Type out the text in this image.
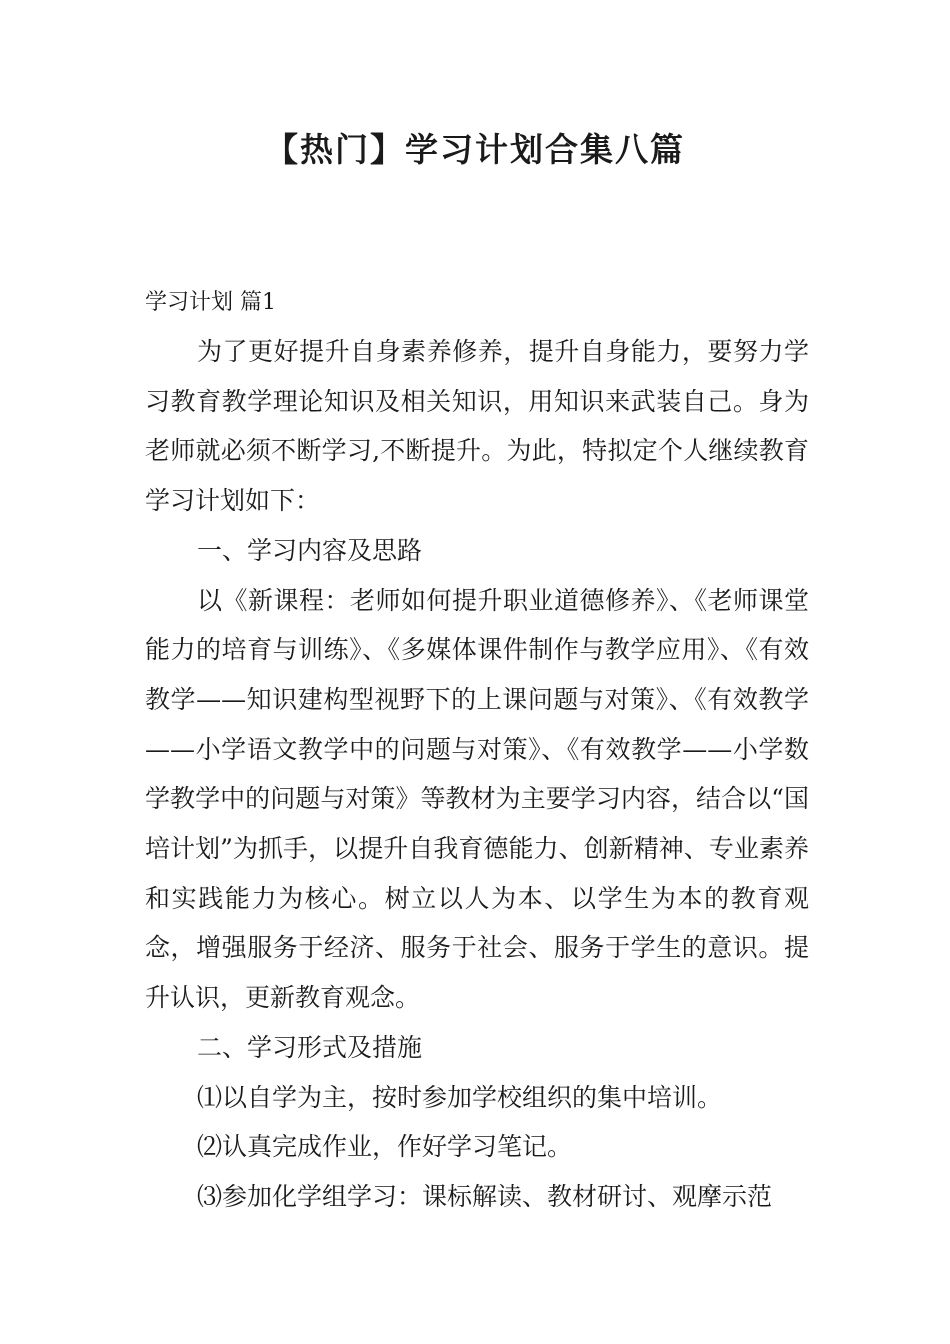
【热门】学习计划合集八篇

学习计划 篇1

为了更好提升自身素养修养，提升自身能力，要努力学习教育教学理论知识及相关知识，用知识来武装自己。身为老师就必须不断学习,不断提升。为此，特拟定个人继续教育学习计划如下：

一、学习内容及思路

以《新课程：老师如何提升职业道德修养》、《老师课堂能力的培育与训练》、《多媒体课件制作与教学应用》、《有效教学——知识建构型视野下的上课问题与对策》、《有效教学——小学语文教学中的问题与对策》、《有效教学——小学数学教学中的问题与对策》等教材为主要学习内容，结合以“国培计划”为抓手，以提升自我育德能力、创新精神、专业素养和实践能力为核心。树立以人为本、以学生为本的教育观念，增强服务于经济、服务于社会、服务于学生的意识。提升认识，更新教育观念。

二、学习形式及措施

⑴以自学为主，按时参加学校组织的集中培训。

⑵认真完成作业，作好学习笔记。

⑶参加化学组学习：课标解读、教材研讨、观摩示范
